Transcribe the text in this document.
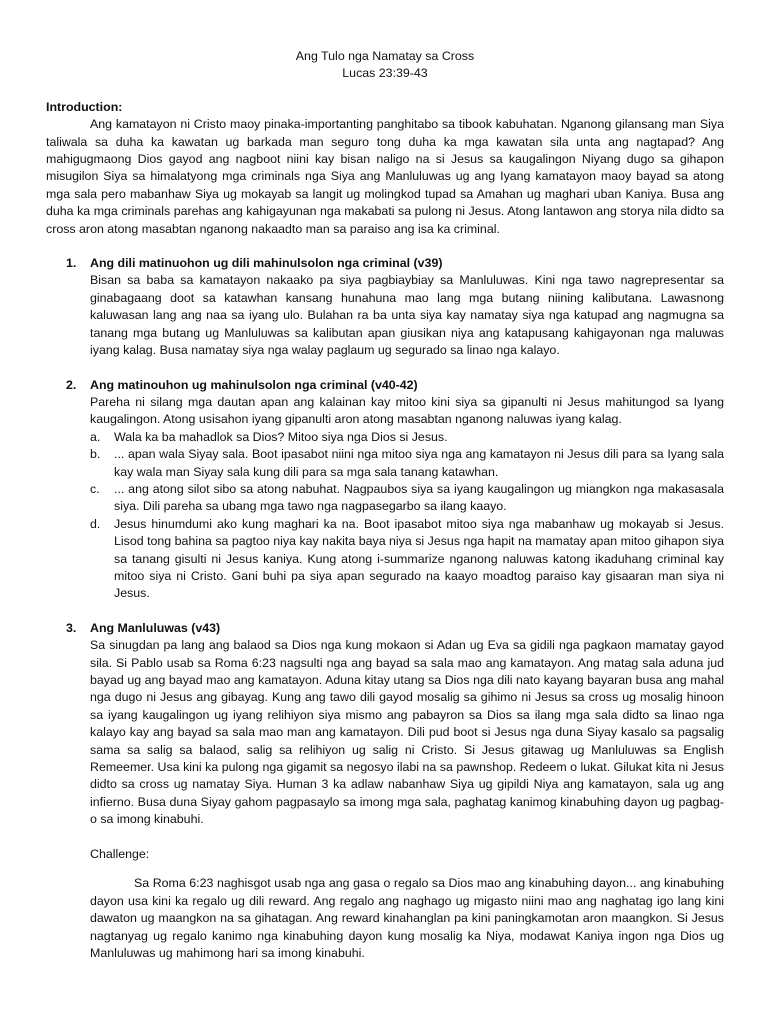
Ang Tulo nga Namatay sa Cross

Lucas 23:39-43

Introduction:

Ang kamatayon ni Cristo maoy pinaka-importanting panghitabo sa tibook kabuhatan. Nganong gilansang man Siya taliwala sa duha ka kawatan ug barkada man seguro tong duha ka mga kawatan sila unta ang nagtapad? Ang mahigugmaong Dios gayod ang nagboot niini kay bisan naligo na si Jesus sa kaugalingon Niyang dugo sa gihapon misugilon Siya sa himalatyong mga criminals nga Siya ang Manluluwas ug ang Iyang kamatayon maoy bayad sa atong mga sala pero mabanhaw Siya ug mokayab sa langit ug molingkod tupad sa Amahan ug maghari uban Kaniya. Busa ang duha ka mga criminals parehas ang kahigayunan nga makabati sa pulong ni Jesus. Atong lantawon ang storya nila didto sa cross aron atong masabtan nganong nakaadto man sa paraiso ang isa ka criminal.

1.	Ang dili matinuohon ug dili mahinulsolon nga criminal (v39)

Bisan sa baba sa kamatayon nakaako pa siya pagbiaybiay sa Manluluwas. Kini nga tawo nagrepresentar sa ginabagaang doot sa katawhan kansang hunahuna mao lang mga butang niining kalibutana. Lawasnong kaluwasan lang ang naa sa iyang ulo. Bulahan ra ba unta siya kay namatay siya nga katupad ang nagmugna sa tanang mga butang ug Manluluwas sa kalibutan apan giusikan niya ang katapusang kahigayonan nga maluwas iyang kalag. Busa namatay siya nga walay paglaum ug segurado sa linao nga kalayo.

2.	Ang matinouhon ug mahinulsolon nga criminal (v40-42)

Pareha ni silang mga dautan apan ang kalainan kay mitoo kini siya sa gipanulti ni Jesus mahitungod sa Iyang kaugalingon. Atong usisahon iyang gipanulti aron atong masabtan nganong naluwas iyang kalag.

a.	Wala ka ba mahadlok sa Dios? Mitoo siya nga Dios si Jesus.
b.	... apan wala Siyay sala. Boot ipasabot niini nga mitoo siya nga ang kamatayon ni Jesus dili para sa Iyang sala kay wala man Siyay sala kung dili para sa mga sala tanang katawhan.
c.	... ang atong silot sibo sa atong nabuhat. Nagpaubos siya sa iyang kaugalingon ug miangkon nga makasasala siya. Dili pareha sa ubang mga tawo nga nagpasegarbo sa ilang kaayo.
d.	Jesus hinumdumi ako kung maghari ka na. Boot ipasabot mitoo siya nga mabanhaw ug mokayab si Jesus. Lisod tong bahina sa pagtoo niya kay nakita baya niya si Jesus nga hapit na mamatay apan mitoo gihapon siya sa tanang gisulti ni Jesus kaniya. Kung atong i-summarize nganong naluwas katong ikaduhang criminal kay mitoo siya ni Cristo. Gani buhi pa siya apan segurado na kaayo moadtog paraiso kay gisaaran man siya ni Jesus.
3.	Ang Manluluwas (v43)

Sa sinugdan pa lang ang balaod sa Dios nga kung mokaon si Adan ug Eva sa gidili nga pagkaon mamatay gayod sila. Si Pablo usab sa Roma 6:23 nagsulti nga ang bayad sa sala mao ang kamatayon. Ang matag sala aduna jud bayad ug ang bayad mao ang kamatayon. Aduna kitay utang sa Dios nga dili nato kayang bayaran busa ang mahal nga dugo ni Jesus ang gibayag. Kung ang tawo dili gayod mosalig sa gihimo ni Jesus sa cross ug mosalig hinoon sa iyang kaugalingon ug iyang relihiyon siya mismo ang pabayron sa Dios sa ilang mga sala didto sa linao nga kalayo kay ang bayad sa sala mao man ang kamatayon. Dili pud boot si Jesus nga duna Siyay kasalo sa pagsalig sama sa salig sa balaod, salig sa relihiyon ug salig ni Cristo. Si Jesus gitawag ug Manluluwas sa English Remeemer. Usa kini ka pulong nga gigamit sa negosyo ilabi na sa pawnshop. Redeem o lukat. Gilukat kita ni Jesus didto sa cross ug namatay Siya. Human 3 ka adlaw nabanhaw Siya ug gipildi Niya ang kamatayon, sala ug ang infierno. Busa duna Siyay gahom pagpasaylo sa imong mga sala, paghatag kanimog kinabuhing dayon ug pagbag-o sa imong kinabuhi.

Challenge:

Sa Roma 6:23 naghisgot usab nga ang gasa o regalo sa Dios mao ang kinabuhing dayon... ang kinabuhing dayon usa kini ka regalo ug dili reward. Ang regalo ang naghago ug migasto niini mao ang naghatag igo lang kini dawaton ug maangkon na sa gihatagan. Ang reward kinahanglan pa kini paningkamotan aron maangkon. Si Jesus nagtanyag ug regalo kanimo nga kinabuhing dayon kung mosalig ka Niya, modawat Kaniya ingon nga Dios ug Manluluwas ug mahimong hari sa imong kinabuhi.
